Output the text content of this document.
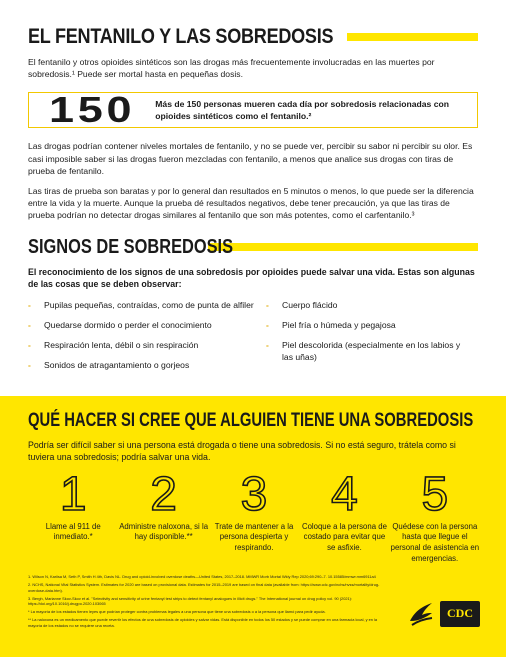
EL FENTANILO Y LAS SOBREDOSIS

El fentanilo y otros opioides sintéticos son las drogas más frecuentemente involucradas en las muertes por sobredosis.¹ Puede ser mortal hasta en pequeñas dosis.

150	Más de 150 personas mueren cada día por sobredosis relacionadas con opioides sintéticos como el fentanilo.²

Las drogas podrían contener niveles mortales de fentanilo, y no se puede ver, percibir su sabor ni percibir su olor. Es casi imposible saber si las drogas fueron mezcladas con fentanilo, a menos que analice sus drogas con tiras de prueba de fentanilo.

Las tiras de prueba son baratas y por lo general dan resultados en 5 minutos o menos, lo que puede ser la diferencia entre la vida y la muerte. Aunque la prueba dé resultados negativos, debe tener precaución, ya que las tiras de prueba podrían no detectar drogas similares al fentanilo que son más potentes, como el carfentanilo.³

SIGNOS DE SOBREDOSIS

El reconocimiento de los signos de una sobredosis por opioides puede salvar una vida. Estas son algunas de las cosas que se deben observar:

- Pupilas pequeñas, contraídas, como de punta de alfiler
- Quedarse dormido o perder el conocimiento
- Respiración lenta, débil o sin respiración
- Sonidos de atragantamiento o gorjeos
- Cuerpo flácido
- Piel fría o húmeda y pegajosa
- Piel descolorida (especialmente en los labios y las uñas)
QUÉ HACER SI CREE QUE ALGUIEN TIENE UNA SOBREDOSIS

Podría ser difícil saber si una persona está drogada o tiene una sobredosis. Si no está seguro, trátela como si tuviera una sobredosis; podría salvar una vida.

1
Llame al 911 de inmediato.*
2
Administre naloxona, si la hay disponible.**
3
Trate de mantener a la persona despierta y respirando.
4
Coloque a la persona de costado para evitar que se asfixie.
5
Quédese con la persona hasta que llegue el personal de asistencia en emergencias.

1. Wilson N, Kariisa M, Seth P, Smith H 4th, Davis NL. Drug and opioid-involved overdose deaths—United States, 2017–2018. MMWR Morb Mortal Wkly Rep 2020;69:290–7. 10.15585/mmwr.mm6911a4

2. NCHS, National Vital Statistics System. Estimates for 2020 are based on provisional data. Estimates for 2015–2019 are based on final data (available from: https://www.cdc.gov/nchs/nvss/mortality/drug-overdose-data.htm).

3. Bergh, Marianne Skov-Skov et al. "Selectivity and sensitivity of urine fentanyl test strips to detect fentanyl analogues in illicit drugs." The International journal on drug policy vol. 90 (2021): https://doi.org/10.1016/j.drugpo.2020.103065

* La mayoría de los estados tienen leyes que podrían proteger contra problemas legales a una persona que tiene una sobredosis o a la persona que llamó para pedir ayuda.

** La naloxona es un medicamento que puede revertir los efectos de una sobredosis de opioides y salvar vidas. Está disponible en todos los 50 estados y se puede comprar en una farmacia local, y en la mayoría de los estados no se requiere una receta.

CDC
